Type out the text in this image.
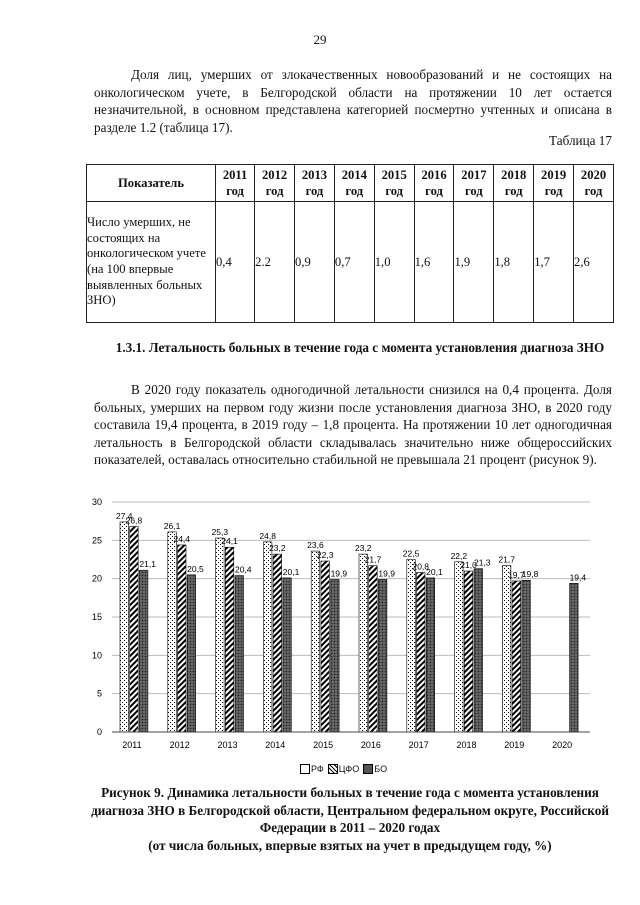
29

Доля лиц, умерших от злокачественных новообразований и не состоящих на онкологическом учете, в Белгородской области на протяжении 10 лет остается незначительной, в основном представлена категорией посмертно учтенных и описана в разделе 1.2 (таблица 17).

Таблица 17
Показатель	2011 год	2012 год	2013 год	2014 год	2015 год	2016 год	2017 год	2018 год	2019 год	2020 год
Число умерших, не состоящих на онкологическом учете (на 100 впервые выявленных больных ЗНО)	0,4	2.2	0,9	0,7	1,0	1,6	1,9	1,8	1,7	2,6
1.3.1. Летальность больных в течение года с момента установления диагноза ЗНО

В 2020 году показатель одногодичной летальности снизился на 0,4 процента. Доля больных, умерших на первом году жизни после установления диагноза ЗНО, в 2020 году составила 19,4 процента, в 2019 году – 1,8 процента. На протяжении 10 лет одногодичная летальность в Белгородской области складывалась значительно ниже общероссийских показателей, оставалась относительно стабильной не превышала 21 процент (рисунок 9).

27,4
26,8
21,1
26,1
24,4
20,5
25,3
24,1
20,4
24,8
23,2
20,1
23,6
22,3
19,9
23,2
21,7
19,9
22,5
20,8
20,1
22,2
21,0
21,3 21,7
19,7
19,8	19,4
0
5
10
15
20
25
30
2011	2012	2013	2014	2015	2016	2017	2018	2019	2020
РФ ЦФО БО
Рисунок 9. Динамика летальности больных в течение года с момента установления диагноза ЗНО в Белгородской области, Центральном федеральном округе, Российской Федерации в 2011 – 2020 годах
(от числа больных, впервые взятых на учет в предыдущем году, %)
